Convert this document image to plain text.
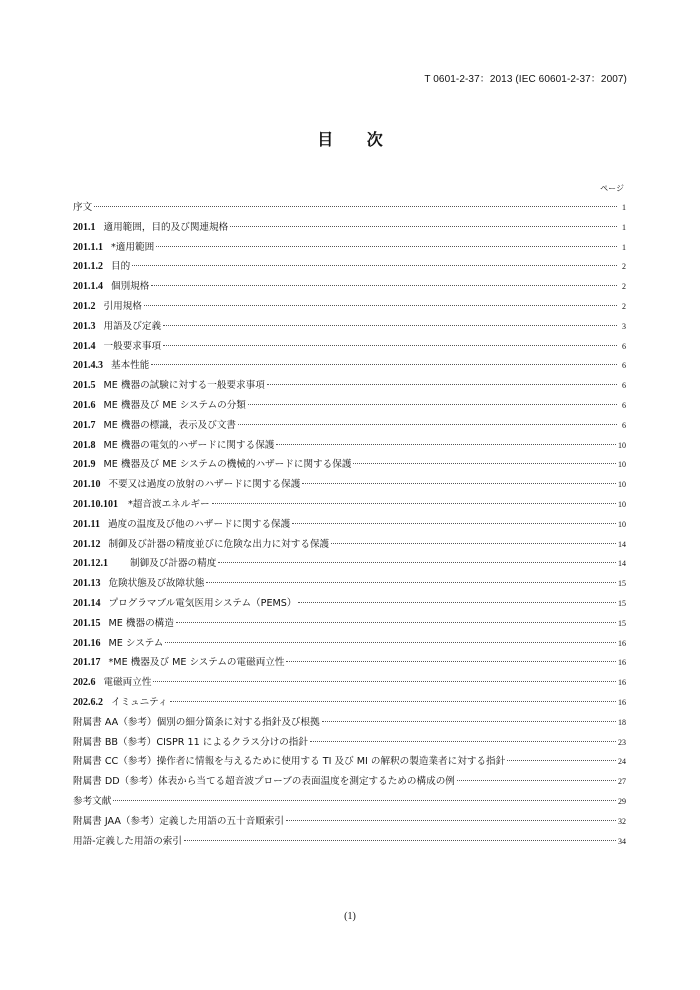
T 0601-2-37：2013 (IEC 60601-2-37：2007)
目 次
ページ
序文	1
201.1 適用範囲，目的及び関連規格	1
201.1.1 *適用範囲	1
201.1.2 目的	2
201.1.4 個別規格	2
201.2 引用規格	2
201.3 用語及び定義	3
201.4 一般要求事項	6
201.4.3 基本性能	6
201.5 ME 機器の試験に対する一般要求事項	6
201.6 ME 機器及び ME システムの分類	6
201.7 ME 機器の標識，表示及び文書	6
201.8 ME 機器の電気的ハザードに関する保護	10
201.9 ME 機器及び ME システムの機械的ハザードに関する保護	10
201.10 不要又は過度の放射のハザードに関する保護	10
201.10.101	*超音波エネルギー	10
201.11 過度の温度及び他のハザードに関する保護	10
201.12 制御及び計器の精度並びに危険な出力に対する保護	14
201.12.1	制御及び計器の精度	14
201.13 危険状態及び故障状態	15
201.14 プログラマブル電気医用システム（PEMS）	15
201.15 ME 機器の構造	15
201.16 ME システム	16
201.17 *ME 機器及び ME システムの電磁両立性	16
202.6 電磁両立性	16
202.6.2 イミュニティ	16
附属書 AA（参考）個別の細分箇条に対する指針及び根拠	18
附属書 BB（参考）CISPR 11 によるクラス分けの指針	23
附属書 CC（参考）操作者に情報を与えるために使用する TI 及び MI の解釈の製造業者に対する指針	24
附属書 DD（参考）体表から当てる超音波プローブの表面温度を測定するための構成の例	27
参考文献	29
附属書 JAA（参考）定義した用語の五十音順索引	32
用語-定義した用語の索引	34
(1)
